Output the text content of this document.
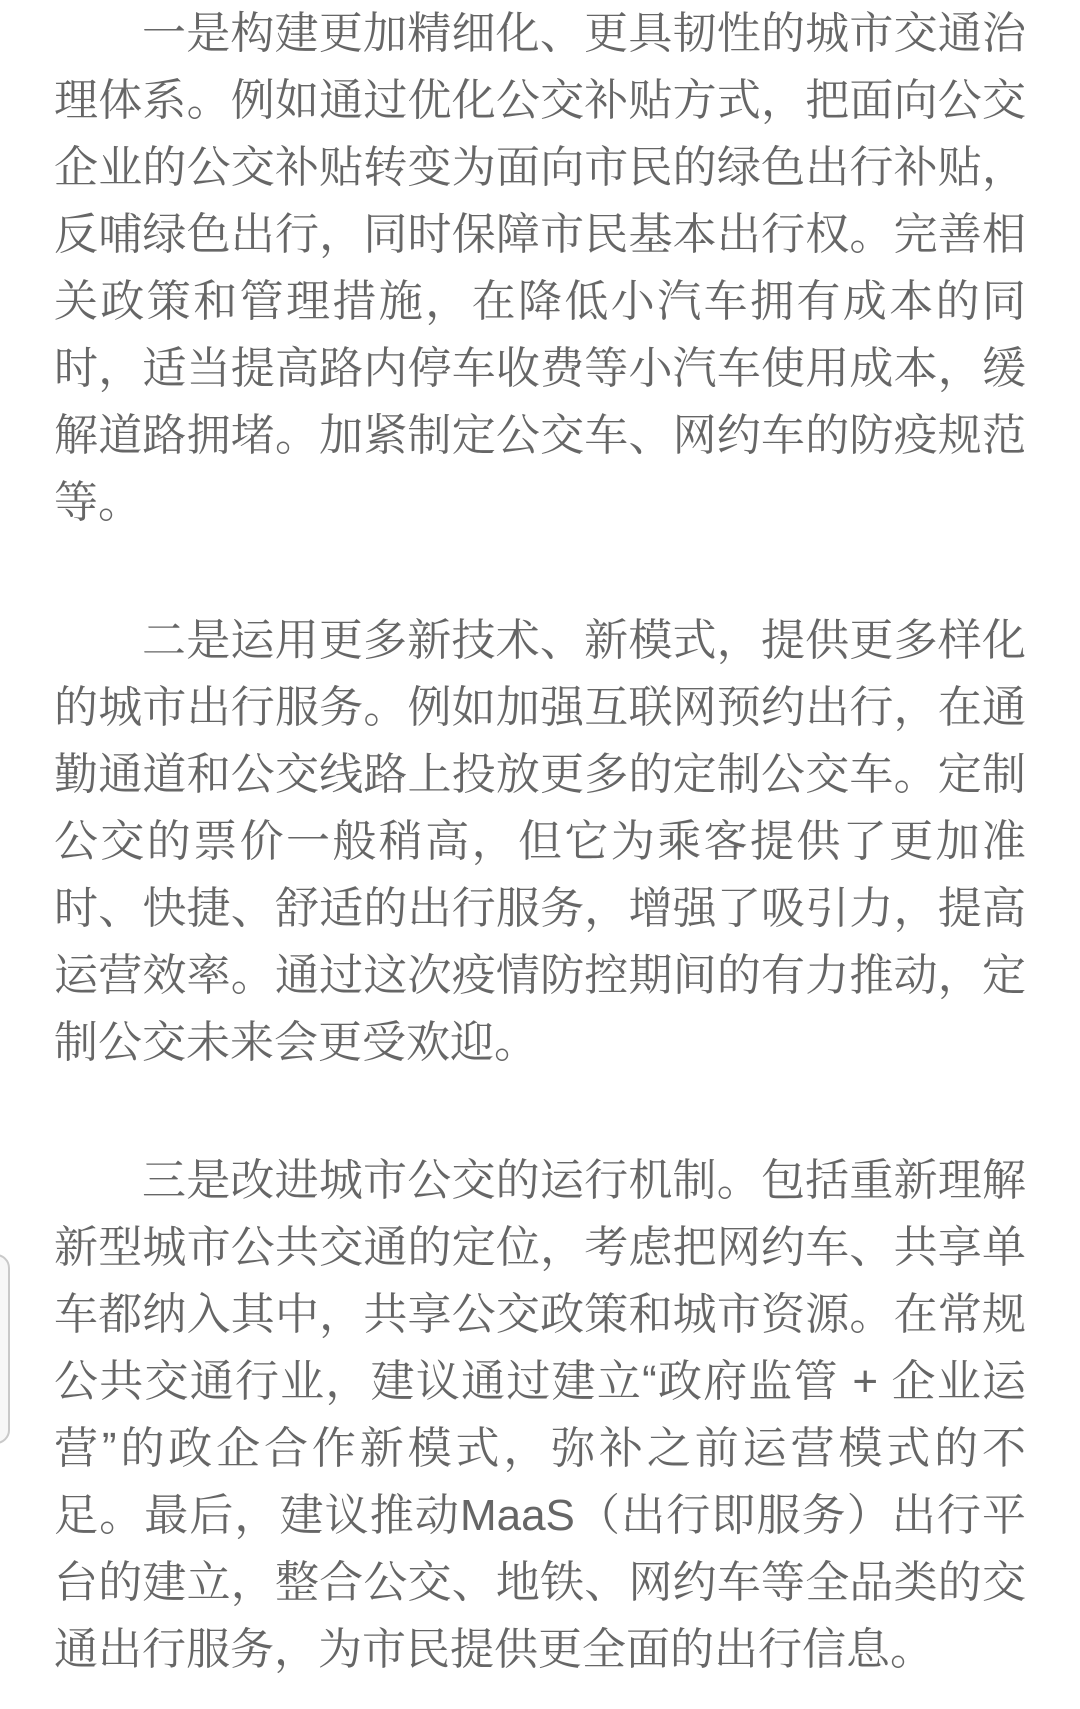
一是构建更加精细化、更具韧性的城市交通治理体系。例如通过优化公交补贴方式，把面向公交企业的公交补贴转变为面向市民的绿色出行补贴，反哺绿色出行，同时保障市民基本出行权。完善相关政策和管理措施，在降低小汽车拥有成本的同时，适当提高路内停车收费等小汽车使用成本，缓解道路拥堵。加紧制定公交车、网约车的防疫规范等。

二是运用更多新技术、新模式，提供更多样化的城市出行服务。例如加强互联网预约出行，在通勤通道和公交线路上投放更多的定制公交车。定制公交的票价一般稍高，但它为乘客提供了更加准时、快捷、舒适的出行服务，增强了吸引力，提高运营效率。通过这次疫情防控期间的有力推动，定制公交未来会更受欢迎。

三是改进城市公交的运行机制。包括重新理解新型城市公共交通的定位，考虑把网约车、共享单车都纳入其中，共享公交政策和城市资源。在常规公共交通行业，建议通过建立“政府监管 + 企业运营”的政企合作新模式，弥补之前运营模式的不足。最后，建议推动MaaS（出行即服务）出行平台的建立，整合公交、地铁、网约车等全品类的交通出行服务，为市民提供更全面的出行信息。
